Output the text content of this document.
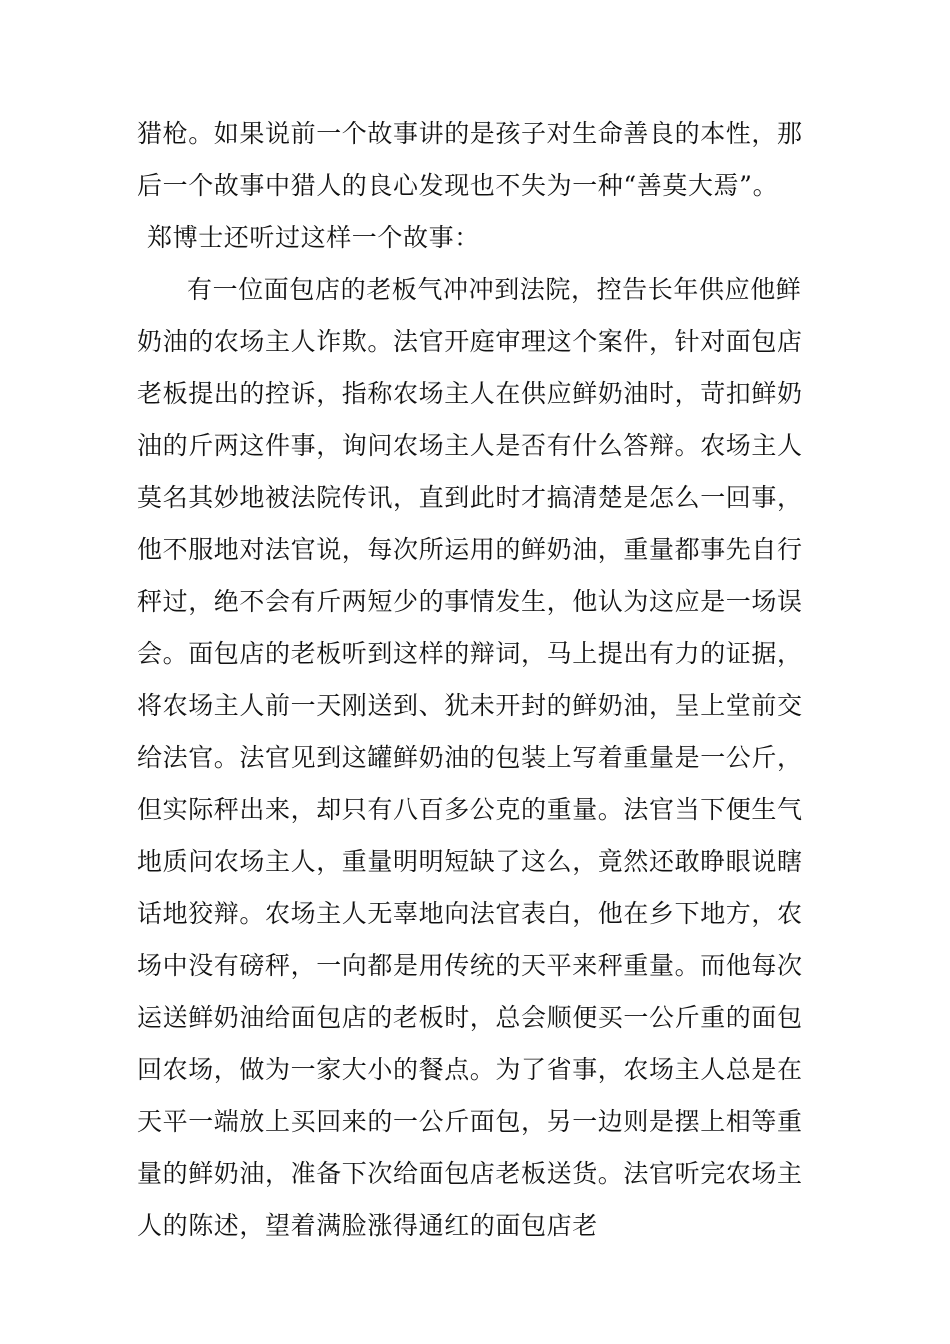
猎枪。如果说前一个故事讲的是孩子对生命善良的本性，那
后一个故事中猎人的良心发现也不失为一种“善莫大焉”。
郑博士还听过这样一个故事：
有一位面包店的老板气冲冲到法院，控告长年供应他鲜
奶油的农场主人诈欺。法官开庭审理这个案件，针对面包店
老板提出的控诉，指称农场主人在供应鲜奶油时，苛扣鲜奶
油的斤两这件事，询问农场主人是否有什么答辩。农场主人
莫名其妙地被法院传讯，直到此时才搞清楚是怎么一回事，
他不服地对法官说，每次所运用的鲜奶油，重量都事先自行
秤过，绝不会有斤两短少的事情发生，他认为这应是一场误
会。面包店的老板听到这样的辩词，马上提出有力的证据，
将农场主人前一天刚送到、犹未开封的鲜奶油，呈上堂前交
给法官。法官见到这罐鲜奶油的包装上写着重量是一公斤，
但实际秤出来，却只有八百多公克的重量。法官当下便生气
地质问农场主人，重量明明短缺了这么，竟然还敢睁眼说瞎
话地狡辩。农场主人无辜地向法官表白，他在乡下地方，农
场中没有磅秤，一向都是用传统的天平来秤重量。而他每次
运送鲜奶油给面包店的老板时，总会顺便买一公斤重的面包
回农场，做为一家大小的餐点。为了省事，农场主人总是在
天平一端放上买回来的一公斤面包，另一边则是摆上相等重
量的鲜奶油，准备下次给面包店老板送货。法官听完农场主
人的陈述，望着满脸涨得通红的面包店老
